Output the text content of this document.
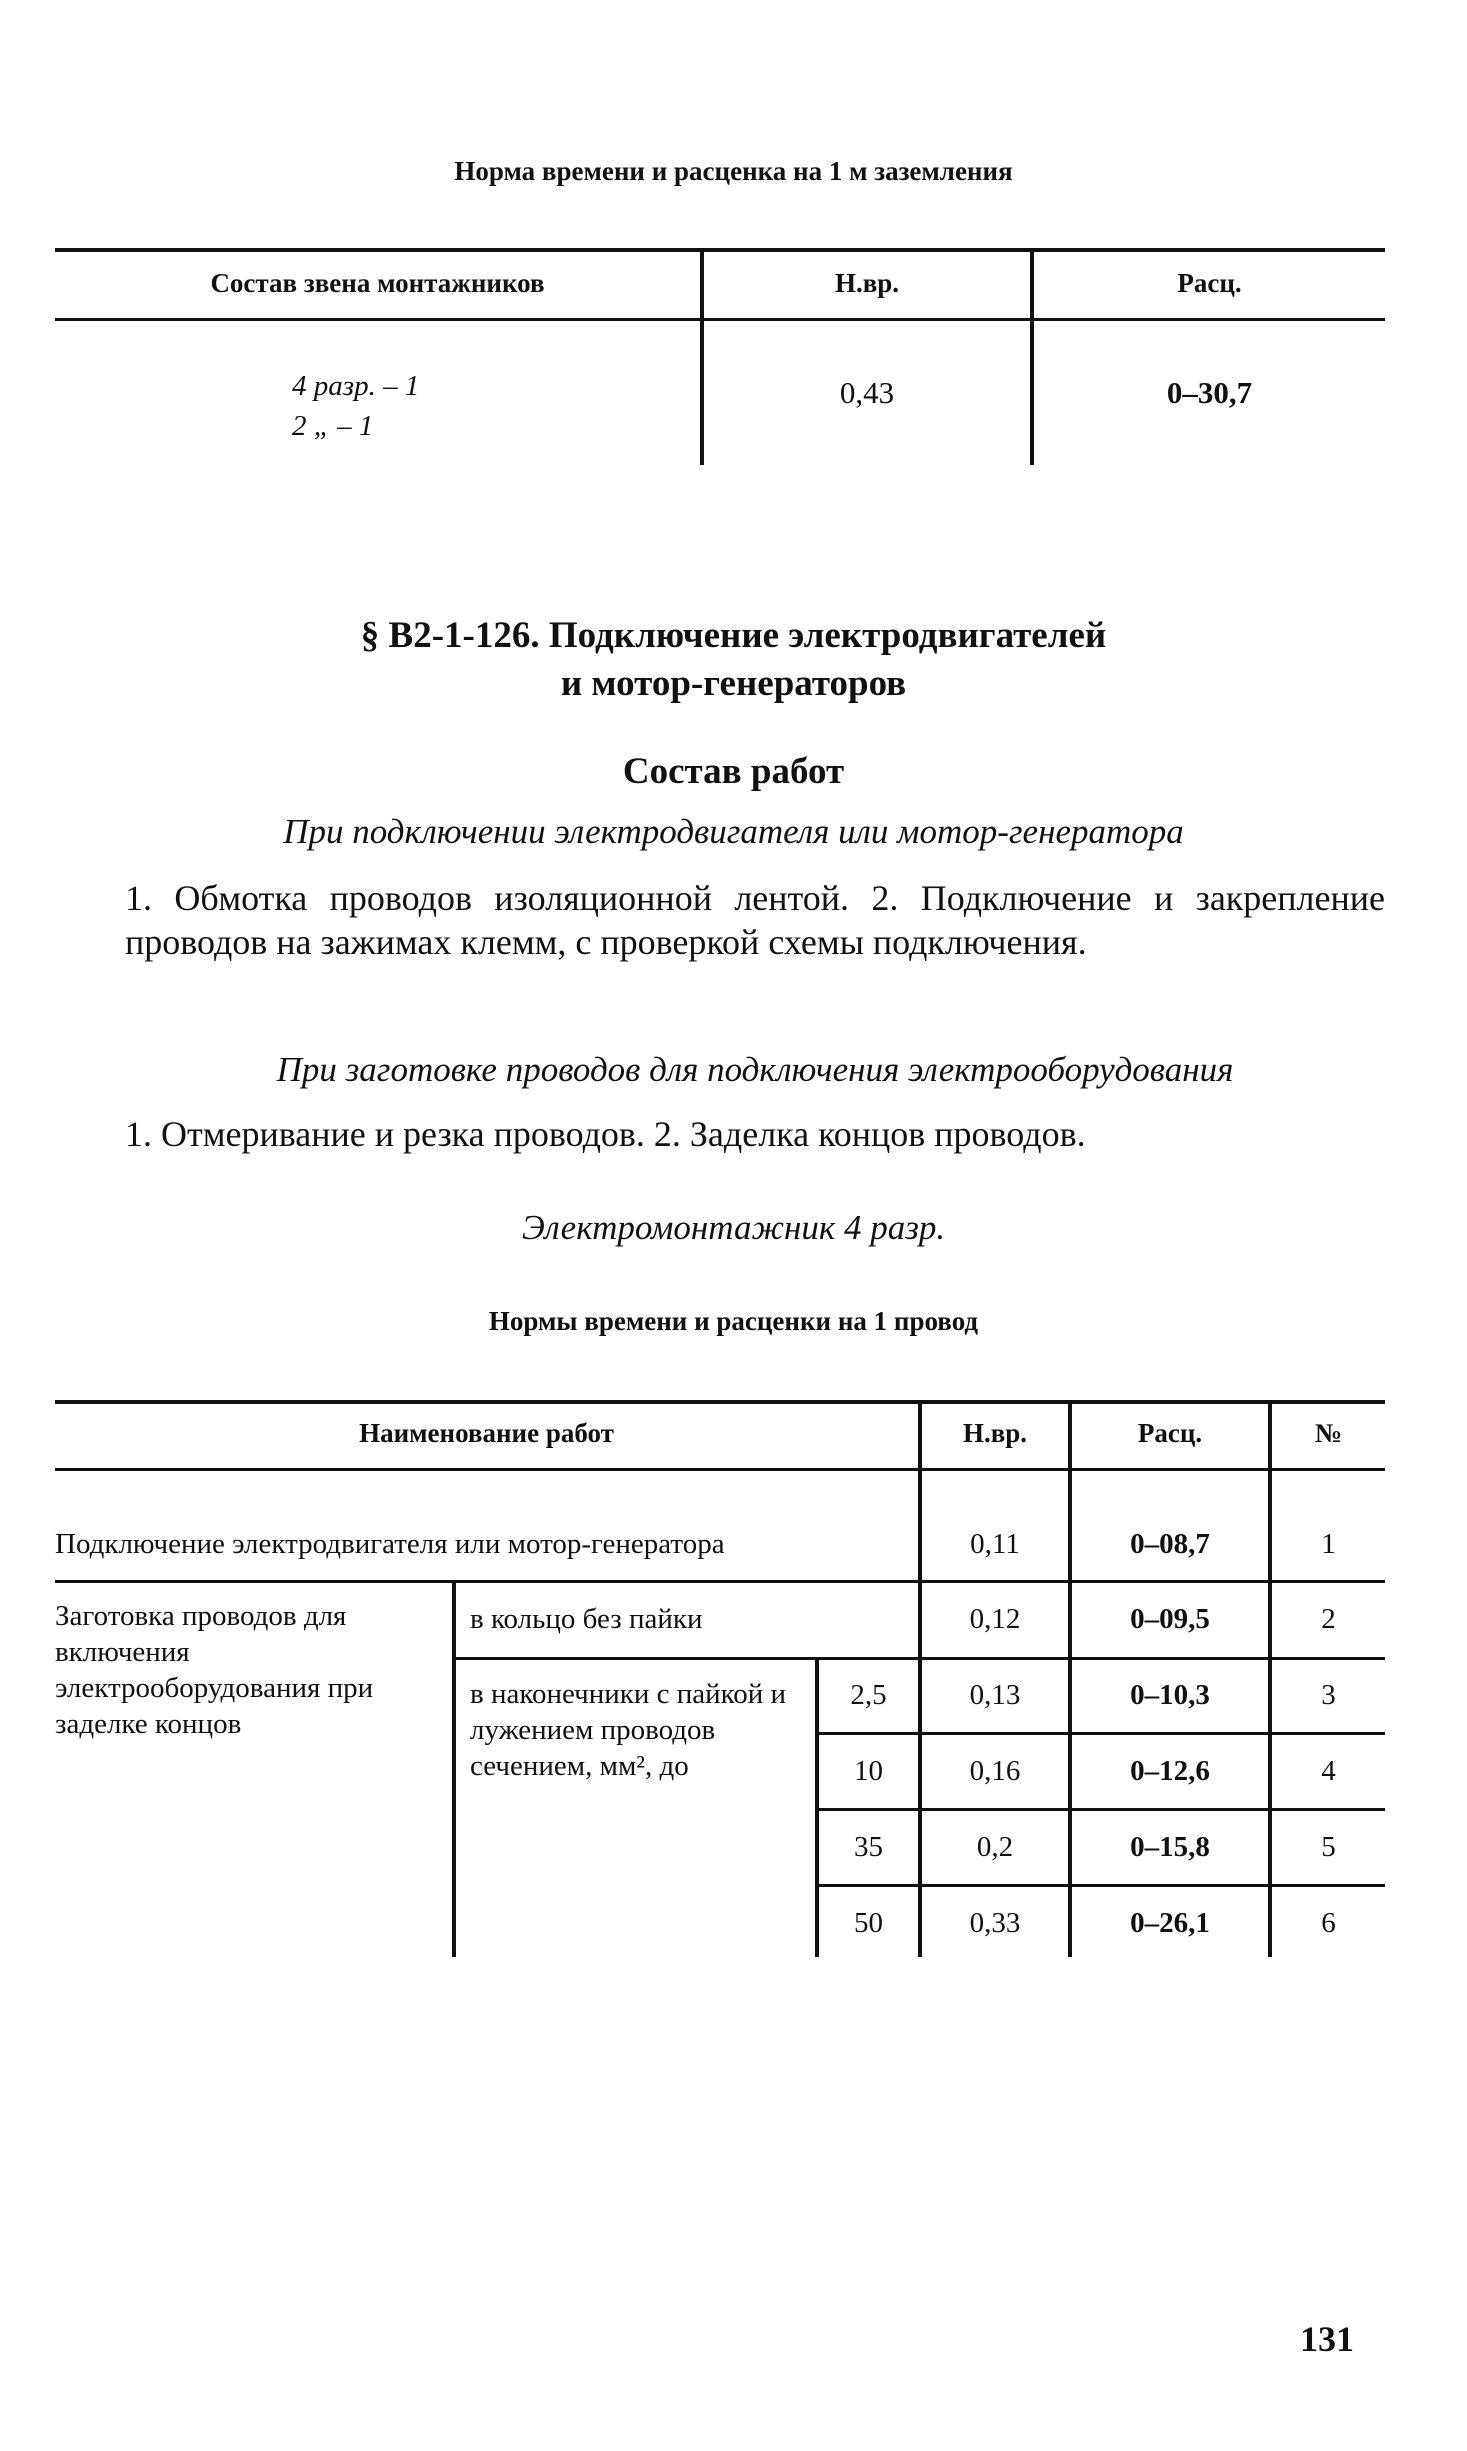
Норма времени и расценка на 1 м заземления
Состав звена монтажников	Н.вр.	Расц.
4 разр. – 1
2 „ – 1
0,43	0–30,7
§ В2-1-126. Подключение электродвигателей
и мотор-генераторов
Состав работ
При подключении электродвигателя или мотор-генератора
1. Обмотка проводов изоляционной лентой. 2. Подключение и закрепление проводов на зажимах клемм, с проверкой схемы подключения.
При заготовке проводов для подключения электрооборудования
1. Отмеривание и резка проводов. 2. Заделка концов проводов.
Электромонтажник 4 разр.
Нормы времени и расценки на 1 провод
Наименование работ	Н.вр.	Расц.	№
Подключение электродвигателя или мотор-генератора	0,11	0–08,7	1
Заготовка проводов для включения электрооборудования при заделке концов
в кольцо без пайки	0,12	0–09,5	2
в наконечники с пайкой и лужением проводов сечением, мм², до
2,5	0,13	0–10,3	3
10	0,16	0–12,6	4
35	0,2	0–15,8	5
50	0,33	0–26,1	6
131
